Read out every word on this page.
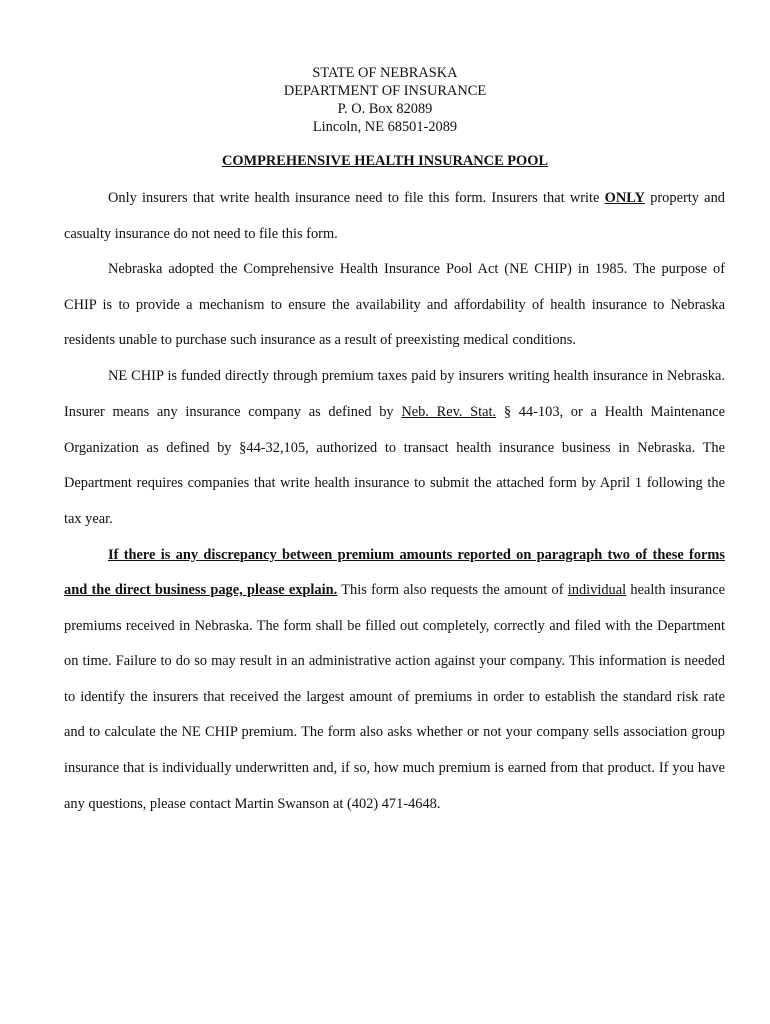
STATE OF NEBRASKA
DEPARTMENT OF INSURANCE
P. O. Box 82089
Lincoln, NE 68501-2089
COMPREHENSIVE HEALTH INSURANCE POOL
Only insurers that write health insurance need to file this form. Insurers that write ONLY property and
casualty insurance do not need to file this form.
Nebraska adopted the Comprehensive Health Insurance Pool Act (NE CHIP) in 1985. The purpose of
CHIP is to provide a mechanism to ensure the availability and affordability of health insurance to Nebraska
residents unable to purchase such insurance as a result of preexisting medical conditions.
NE CHIP is funded directly through premium taxes paid by insurers writing health insurance in Nebraska.
Insurer means any insurance company as defined by Neb. Rev. Stat. § 44-103, or a Health Maintenance
Organization as defined by §44-32,105, authorized to transact health insurance business in Nebraska. The
Department requires companies that write health insurance to submit the attached form by April 1 following the
tax year.
If there is any discrepancy between premium amounts reported on paragraph two of these forms
and the direct business page, please explain. This form also requests the amount of individual health insurance
premiums received in Nebraska. The form shall be filled out completely, correctly and filed with the Department
on time. Failure to do so may result in an administrative action against your company. This information is needed
to identify the insurers that received the largest amount of premiums in order to establish the standard risk rate
and to calculate the NE CHIP premium. The form also asks whether or not your company sells association group
insurance that is individually underwritten and, if so, how much premium is earned from that product. If you have
any questions, please contact Martin Swanson at (402) 471-4648.
